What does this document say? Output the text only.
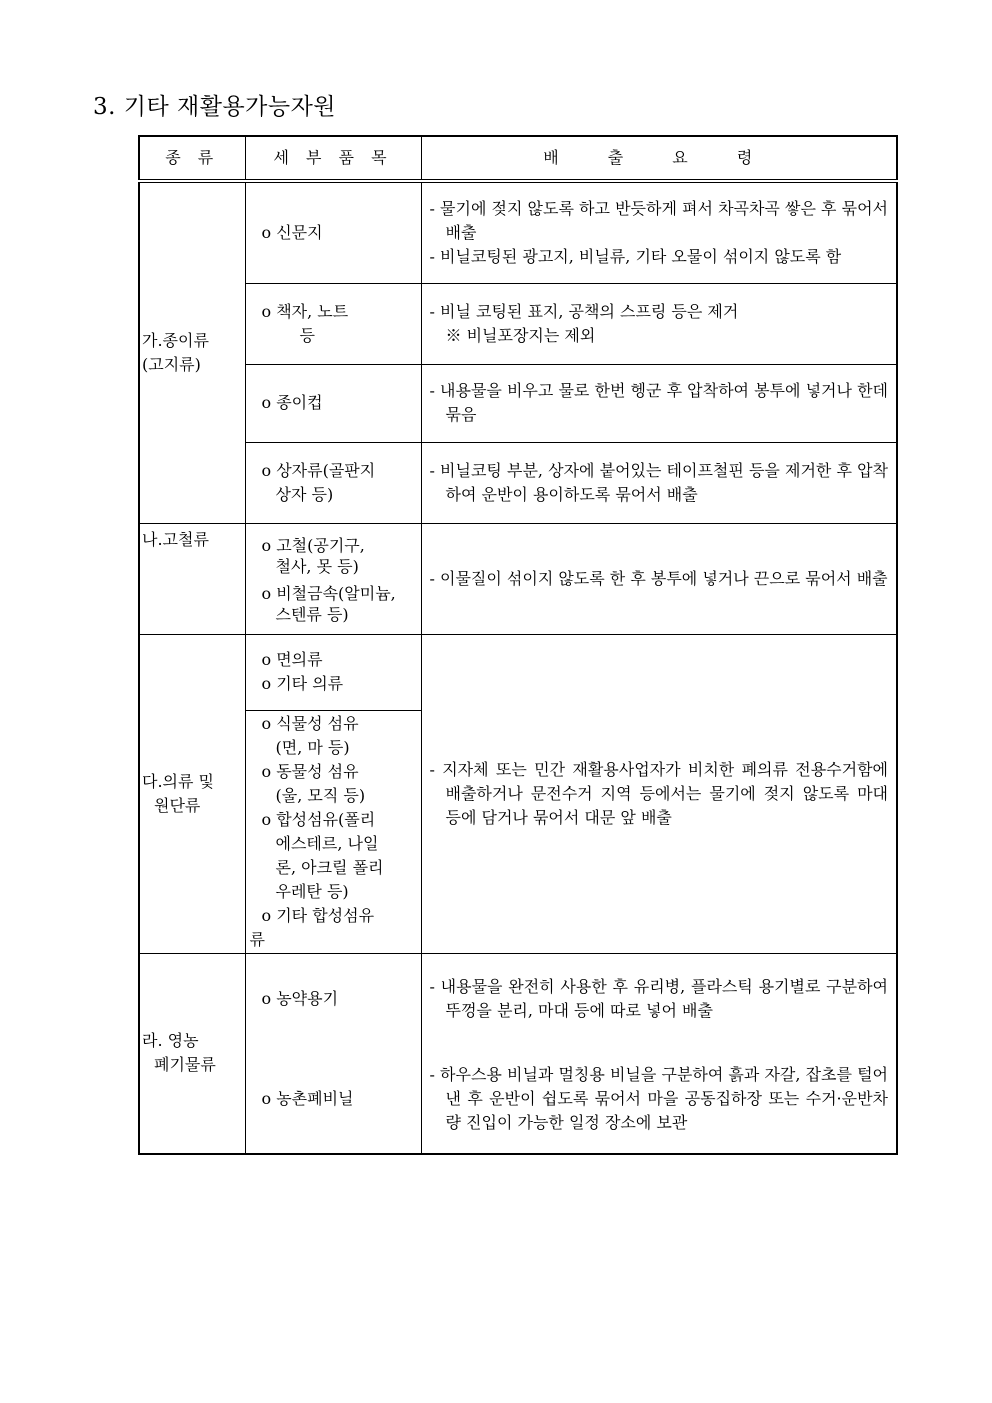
3. 기타 재활용가능자원
종 류	세 부 품 목	배 출 요 령

가.종이류
(고지류)	o 신문지	- 물기에 젖지 않도록 하고 반듯하게 펴서 차곡차곡 쌓은 후 묶어서 배출
- 비닐코팅된 광고지, 비닐류, 기타 오물이 섞이지 않도록 함

	o 책자, 노트
등	- 비닐 코팅된 표지, 공책의 스프링 등은 제거
※ 비닐포장지는 제외

	o 종이컵	- 내용물을 비우고 물로 한번 헹군 후 압착하여 봉투에 넣거나 한데 묶음

	o 상자류(골판지
상자 등)	- 비닐코팅 부분, 상자에 붙어있는 테이프철핀 등을 제거한 후 압착하여 운반이 용이하도록 묶어서 배출

나.고철류	o 고철(공기구,
철사, 못 등)
o 비철금속(알미늄,
스텐류 등)	- 이물질이 섞이지 않도록 한 후 봉투에 넣거나 끈으로 묶어서 배출

다.의류 및
원단류	o 면의류
o 기타 의류	- 지자체 또는 민간 재활용사업자가 비치한 폐의류 전용수거함에 배출하거나 문전수거 지역 등에서는 물기에 젖지 않도록 마대 등에 담거나 묶어서 대문 앞 배출

o 식물성 섬유
(면, 마 등)
o 동물성 섬유
(울, 모직 등)
o 합성섬유(폴리
에스테르, 나일
론, 아크릴 폴리
우레탄 등)
o 기타 합성섬유
류

라. 영농
폐기물류	o 농약용기	- 내용물을 완전히 사용한 후 유리병, 플라스틱 용기별로 구분하여 뚜껑을 분리, 마대 등에 따로 넣어 배출

	o 농촌폐비닐	- 하우스용 비닐과 멀칭용 비닐을 구분하여 흙과 자갈, 잡초를 털어낸 후 운반이 쉽도록 묶어서 마을 공동집하장 또는 수거·운반차량 진입이 가능한 일정 장소에 보관
